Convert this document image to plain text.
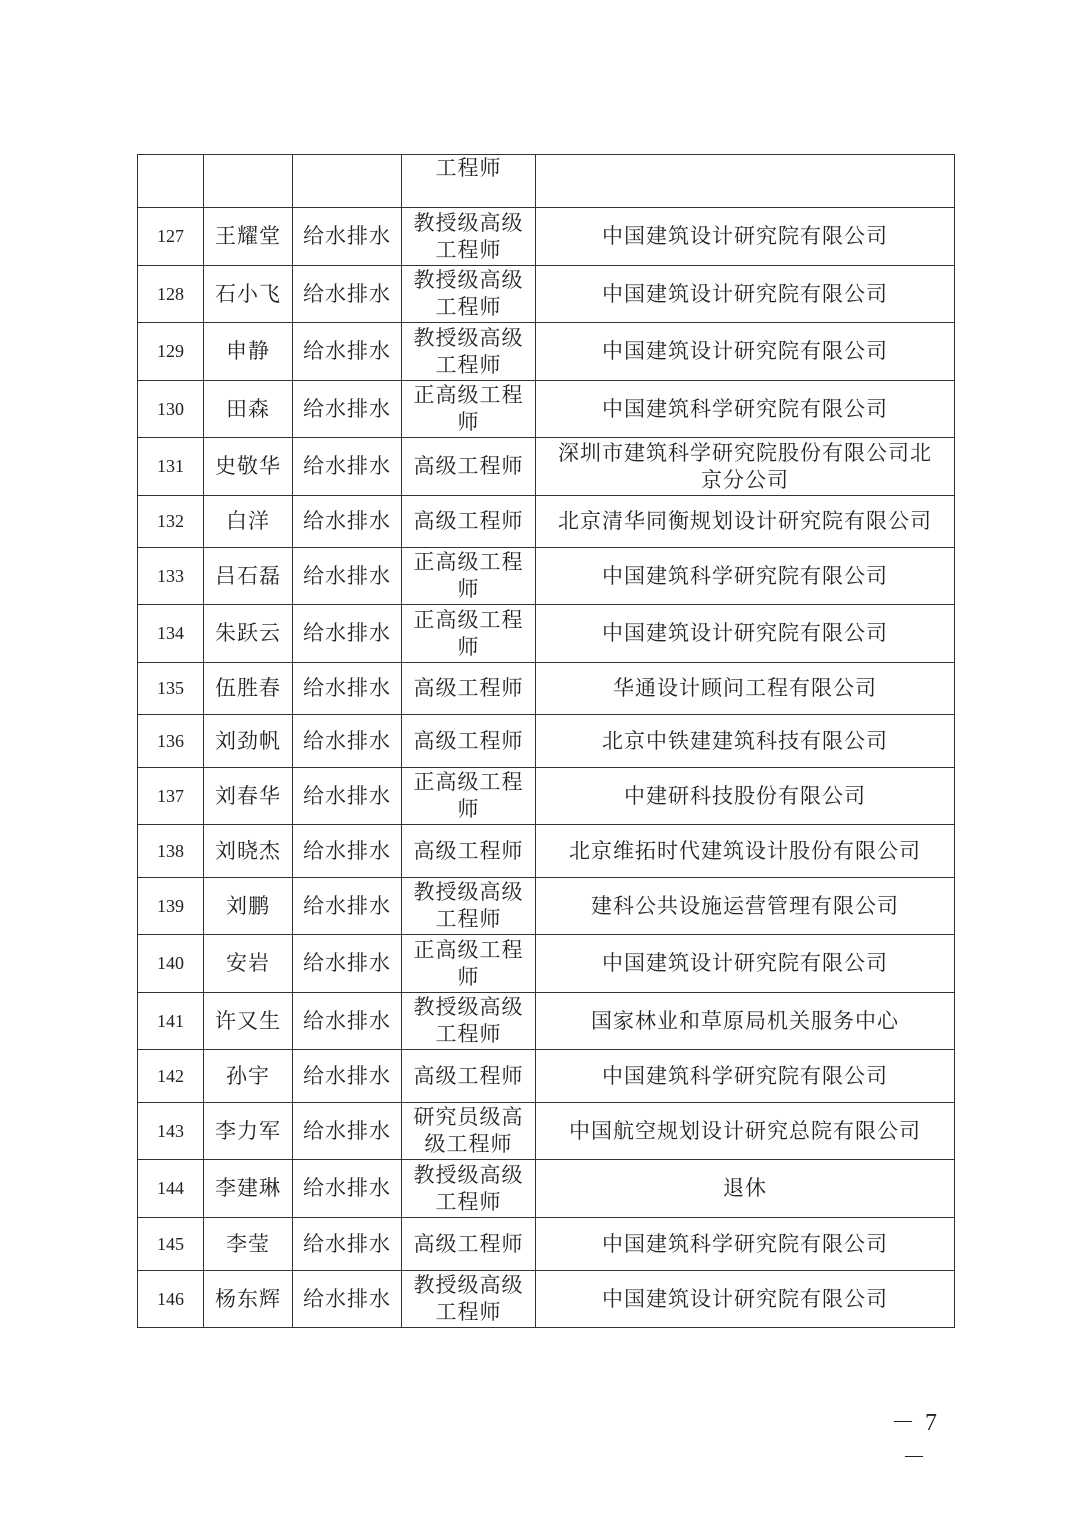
			工程师	

127	王耀堂	给水排水	教授级高级工程师	中国建筑设计研究院有限公司

128	石小飞	给水排水	教授级高级工程师	中国建筑设计研究院有限公司

129	申静	给水排水	教授级高级工程师	中国建筑设计研究院有限公司

130	田森	给水排水	正高级工程师	中国建筑科学研究院有限公司

131	史敬华	给水排水	高级工程师	深圳市建筑科学研究院股份有限公司北京分公司

132	白洋	给水排水	高级工程师	北京清华同衡规划设计研究院有限公司

133	吕石磊	给水排水	正高级工程师	中国建筑科学研究院有限公司

134	朱跃云	给水排水	正高级工程师	中国建筑设计研究院有限公司

135	伍胜春	给水排水	高级工程师	华通设计顾问工程有限公司

136	刘劲帆	给水排水	高级工程师	北京中铁建建筑科技有限公司

137	刘春华	给水排水	正高级工程师	中建研科技股份有限公司

138	刘晓杰	给水排水	高级工程师	北京维拓时代建筑设计股份有限公司

139	刘鹏	给水排水	教授级高级工程师	建科公共设施运营管理有限公司

140	安岩	给水排水	正高级工程师	中国建筑设计研究院有限公司

141	许又生	给水排水	教授级高级工程师	国家林业和草原局机关服务中心

142	孙宇	给水排水	高级工程师	中国建筑科学研究院有限公司

143	李力军	给水排水	研究员级高级工程师	中国航空规划设计研究总院有限公司

144	李建琳	给水排水	教授级高级工程师	退休

145	李莹	给水排水	高级工程师	中国建筑科学研究院有限公司

146	杨东辉	给水排水	教授级高级工程师	中国建筑设计研究院有限公司
－ 7 －
